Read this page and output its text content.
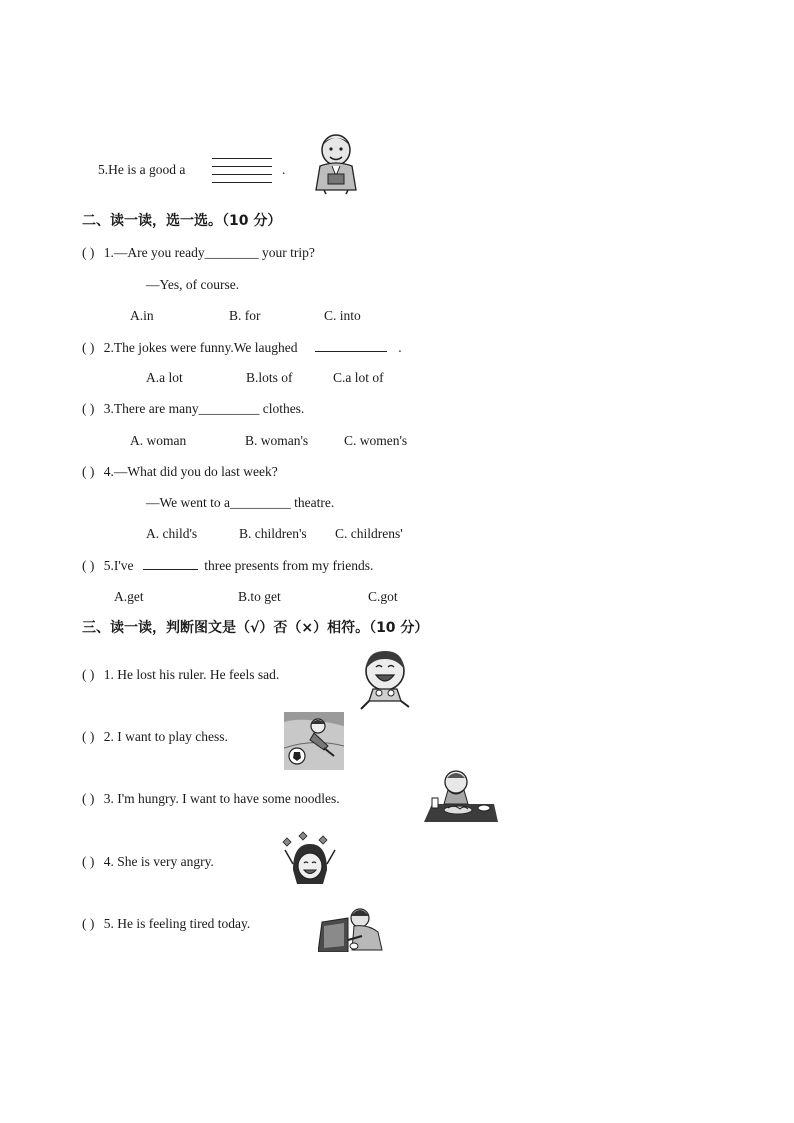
5.He is a good a	.
二、读一读，选一选。（10 分）
( ) 1.—Are you ready________ your trip?
—Yes, of course.
A.in	B. for	C. into
( ) 2.The jokes were funny.We laughed	.
A.a lot	B.lots of	C.a lot of
( ) 3.There are many_________ clothes.
A. woman	B. woman's	C. women's
( ) 4.—What did you do last week?
—We went to a_________ theatre.
A. child's	B. children's C. childrens'
( ) 5.I've	three presents from my friends.
A.get	B.to get	C.got
三、读一读，判断图文是（√）否（×）相符。（10 分）
( ) 1. He lost his ruler. He feels sad.
( ) 2. I want to play chess.
( ) 3. I'm hungry. I want to have some noodles.
( ) 4. She is very angry.
( ) 5. He is feeling tired today.
